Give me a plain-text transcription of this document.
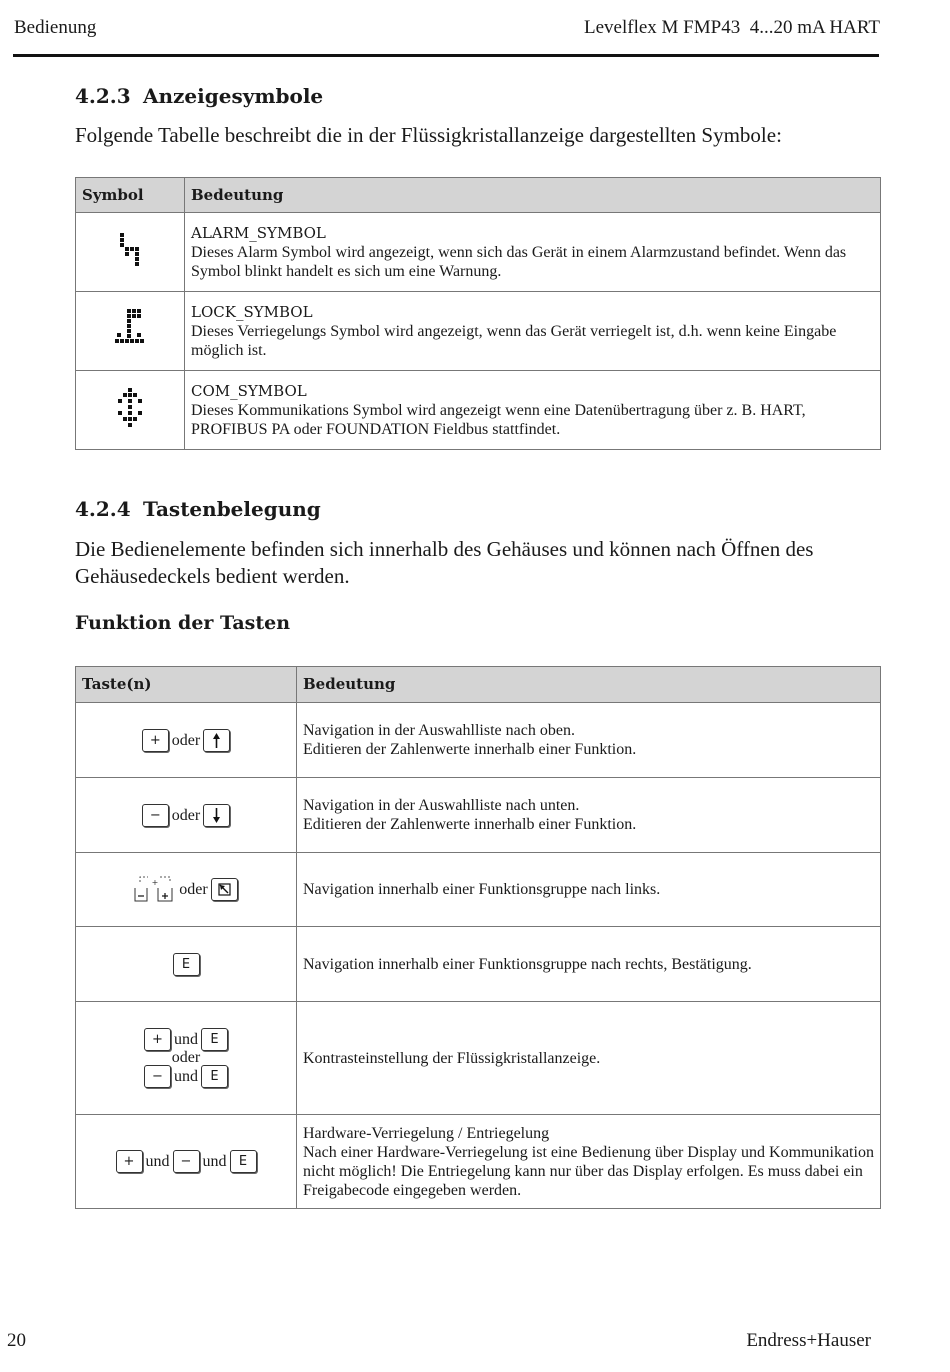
Bedienung	Levelflex M FMP43  4...20 mA HART
4.2.3 Anzeigesymbole
Folgende Tabelle beschreibt die in der Flüssigkristallanzeige dargestellten Symbole:
Symbol	Bedeutung

ALARM_SYMBOL
Dieses Alarm Symbol wird angezeigt, wenn sich das Gerät in einem Alarmzustand befindet. Wenn das Symbol blinkt handelt es sich um eine Warnung.

LOCK_SYMBOL
Dieses Verriegelungs Symbol wird angezeigt, wenn das Gerät verriegelt ist, d.h. wenn keine Eingabe möglich ist.

COM_SYMBOL
Dieses Kommunikations Symbol wird angezeigt wenn eine Datenübertragung über z. B. HART, PROFIBUS PA oder FOUNDATION Fieldbus stattfindet.
4.2.4 Tastenbelegung
Die Bedienelemente befinden sich innerhalb des Gehäuses und können nach Öffnen des Gehäusedeckels bedient werden.
Funktion der Tasten
Taste(n)	Bedeutung
+ oder	Navigation in der Auswahlliste nach oben.
Editieren der Zahlenwerte innerhalb einer Funktion.

− oder	Navigation in der Auswahlliste nach unten.
Editieren der Zahlenwerte innerhalb einer Funktion.

+ oder	Navigation innerhalb einer Funktionsgruppe nach links.

E	Navigation innerhalb einer Funktionsgruppe nach rechts, Bestätigung.

+ und E
oder
− und E	Kontrasteinstellung der Flüssigkristallanzeige.

+ und − und E	Hardware-Verriegelung / Entriegelung
Nach einer Hardware-Verriegelung ist eine Bedienung über Display und Kommunikation nicht möglich! Die Entriegelung kann nur über das Display erfolgen. Es muss dabei ein Freigabecode eingegeben werden.
20	Endress+Hauser
